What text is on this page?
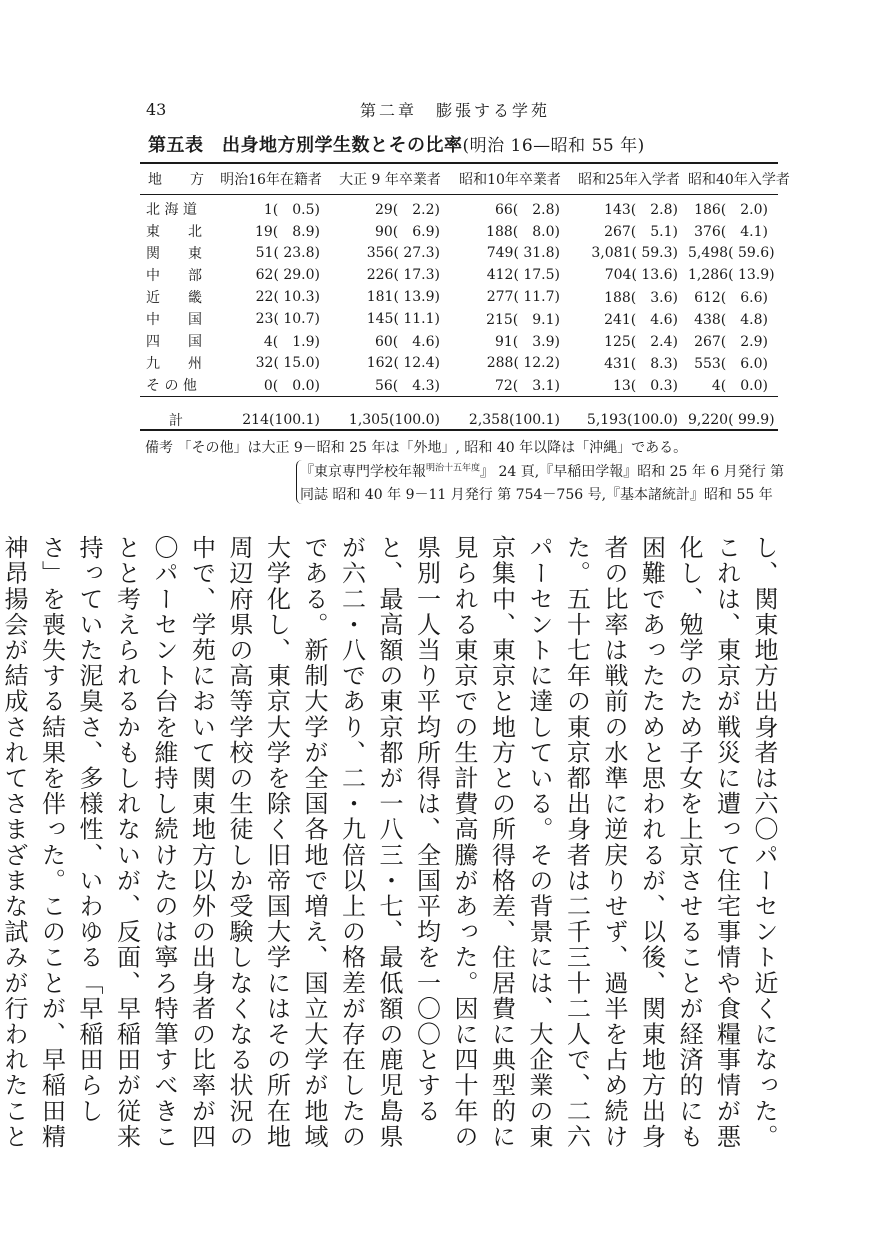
43	第二章　膨張する学苑
第五表　出身地方別学生数とその比率(明治 16—昭和 55 年)
地　　方	明治16年在籍者	大正 9 年卒業者	昭和10年卒業者	昭和25年入学者	昭和40年入学者

北 海 道	1(　0.5)	29(　2.2)	66(　2.8)	143(　2.8)	186(　2.0)
東　　北	19(　8.9)	90(　6.9)	188(　8.0)	267(　5.1)	376(　4.1)
関　　東	51( 23.8)	356( 27.3)	749( 31.8)	3,081( 59.3)	5,498( 59.6)
中　　部	62( 29.0)	226( 17.3)	412( 17.5)	704( 13.6)	1,286( 13.9)
近　　畿	22( 10.3)	181( 13.9)	277( 11.7)	188(　3.6)	612(　6.6)
中　　国	23( 10.7)	145( 11.1)	215(　9.1)	241(　4.6)	438(　4.8)
四　　国	4(　1.9)	60(　4.6)	91(　3.9)	125(　2.4)	267(　2.9)
九　　州	32( 15.0)	162( 12.4)	288( 12.2)	431(　8.3)	553(　6.0)
そ の 他	0(　0.0)	56(　4.3)	72(　3.1)	13(　0.3)	4(　0.0)

計	214(100.1)	1,305(100.0)	2,358(100.1)	5,193(100.0)	9,220( 99.9)
備考 「その他」は大正 9－昭和 25 年は「外地」, 昭和 40 年以降は「沖縄」である。
『東京専門学校年報$^{明治十五年度}$』 24 頁,『早稲田学報』昭和 25 年 6 月発行 第
同誌 昭和 40 年 9－11 月発行 第 754－756 号,『基本諸統計』昭和 55 年

し、関東地方出身者は六〇パーセント近くになった。これは、東京が戦災に遭って住宅事情や食糧事情が悪化し、勉学のため子女を上京させることが経済的にも困難であったためと思われるが、以後、関東地方出身者の比率は戦前の水準に逆戻りせず、過半を占め続けた。五十七年の東京都出身者は二千三十二人で、二六パーセントに達している。その背景には、大企業の東京集中、東京と地方との所得格差、住居費に典型的に見られる東京での生計費高騰があった。因に四十年の県別一人当り平均所得は、全国平均を一〇〇とすると、最高額の東京都が一八三・七、最低額の鹿児島県が六二・八であり、二・九倍以上の格差が存在したのである。新制大学が全国各地で増え、国立大学が地域大学化し、東京大学を除く旧帝国大学にはその所在地周辺府県の高等学校の生徒しか受験しなくなる状況の中で、学苑において関東地方以外の出身者の比率が四〇パーセント台を維持し続けたのは寧ろ特筆すべきことと考えられるかもしれないが、反面、早稲田が従来持っていた泥臭さ、多様性、いわゆる「早稲田らしさ」を喪失する結果を伴った。このことが、早稲田精神昂揚会が結成されてさまざまな試みが行われたこと
